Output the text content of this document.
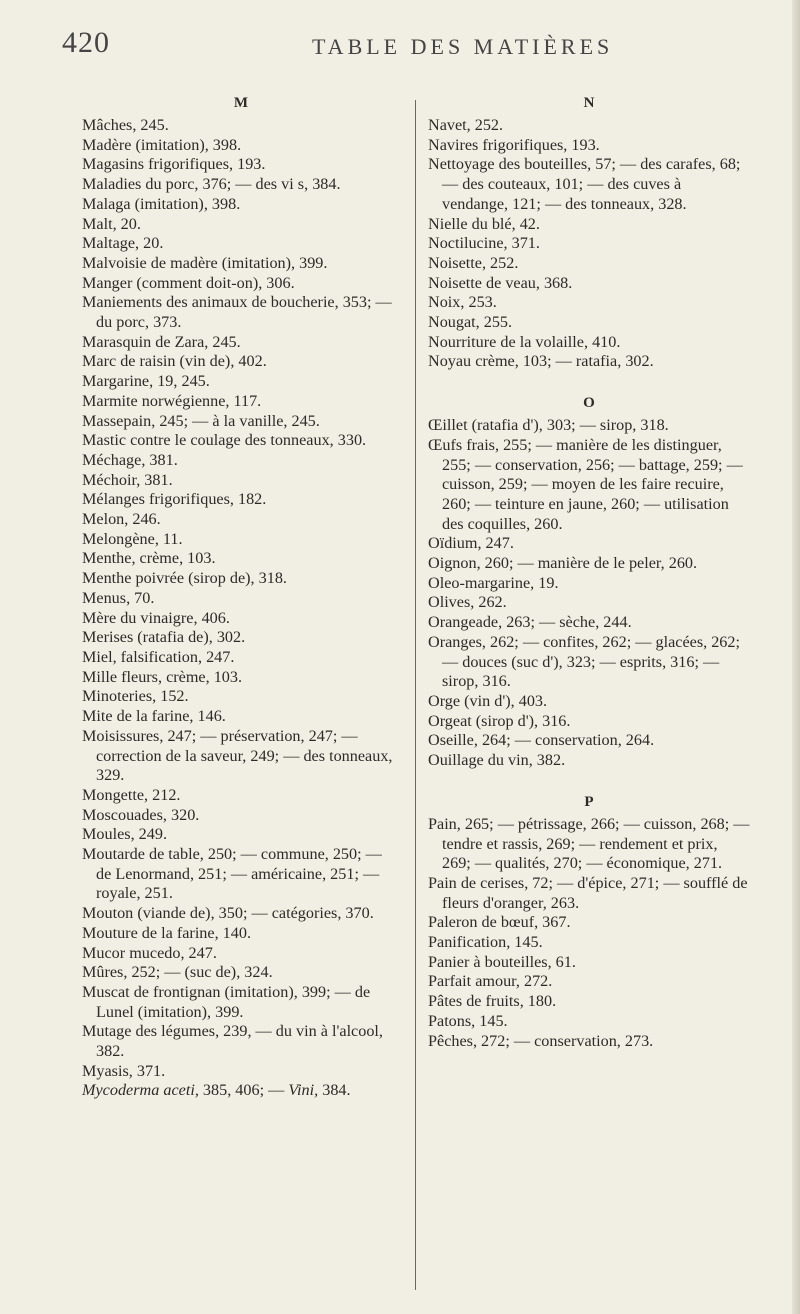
420	TABLE DES MATIÈRES
M

Mâches, 245.

Madère (imitation), 398.

Magasins frigorifiques, 193.

Maladies du porc, 376; — des vi s, 384.

Malaga (imitation), 398.

Malt, 20.

Maltage, 20.

Malvoisie de madère (imitation), 399.

Manger (comment doit-on), 306.

Maniements des animaux de boucherie, 353; — du porc, 373.

Marasquin de Zara, 245.

Marc de raisin (vin de), 402.

Margarine, 19, 245.

Marmite norwégienne, 117.

Massepain, 245; — à la vanille, 245.

Mastic contre le coulage des tonneaux, 330.

Méchage, 381.

Méchoir, 381.

Mélanges frigorifiques, 182.

Melon, 246.

Melongène, 11.

Menthe, crème, 103.

Menthe poivrée (sirop de), 318.

Menus, 70.

Mère du vinaigre, 406.

Merises (ratafia de), 302.

Miel, falsification, 247.

Mille fleurs, crème, 103.

Minoteries, 152.

Mite de la farine, 146.

Moisissures, 247; — préservation, 247; — correction de la saveur, 249; — des tonneaux, 329.

Mongette, 212.

Moscouades, 320.

Moules, 249.

Moutarde de table, 250; — commune, 250; — de Lenormand, 251; — américaine, 251; — royale, 251.

Mouton (viande de), 350; — catégories, 370.

Mouture de la farine, 140.

Mucor mucedo, 247.

Mûres, 252; — (suc de), 324.

Muscat de frontignan (imitation), 399; — de Lunel (imitation), 399.

Mutage des légumes, 239, — du vin à l'alcool, 382.

Myasis, 371.

Mycoderma aceti, 385, 406; — Vini, 384.

N

Navet, 252.

Navires frigorifiques, 193.

Nettoyage des bouteilles, 57; — des carafes, 68; — des couteaux, 101; — des cuves à vendange, 121; — des tonneaux, 328.

Nielle du blé, 42.

Noctilucine, 371.

Noisette, 252.

Noisette de veau, 368.

Noix, 253.

Nougat, 255.

Nourriture de la volaille, 410.

Noyau crème, 103; — ratafia, 302.

O

Œillet (ratafia d'), 303; — sirop, 318.

Œufs frais, 255; — manière de les distinguer, 255; — conservation, 256; — battage, 259; — cuisson, 259; — moyen de les faire recuire, 260; — teinture en jaune, 260; — utilisation des coquilles, 260.

Oïdium, 247.

Oignon, 260; — manière de le peler, 260.

Oleo-margarine, 19.

Olives, 262.

Orangeade, 263; — sèche, 244.

Oranges, 262; — confites, 262; — glacées, 262; — douces (suc d'), 323; — esprits, 316; — sirop, 316.

Orge (vin d'), 403.

Orgeat (sirop d'), 316.

Oseille, 264; — conservation, 264.

Ouillage du vin, 382.

P

Pain, 265; — pétrissage, 266; — cuisson, 268; — tendre et rassis, 269; — rendement et prix, 269; — qualités, 270; — économique, 271.

Pain de cerises, 72; — d'épice, 271; — soufflé de fleurs d'oranger, 263.

Paleron de bœuf, 367.

Panification, 145.

Panier à bouteilles, 61.

Parfait amour, 272.

Pâtes de fruits, 180.

Patons, 145.

Pêches, 272; — conservation, 273.
